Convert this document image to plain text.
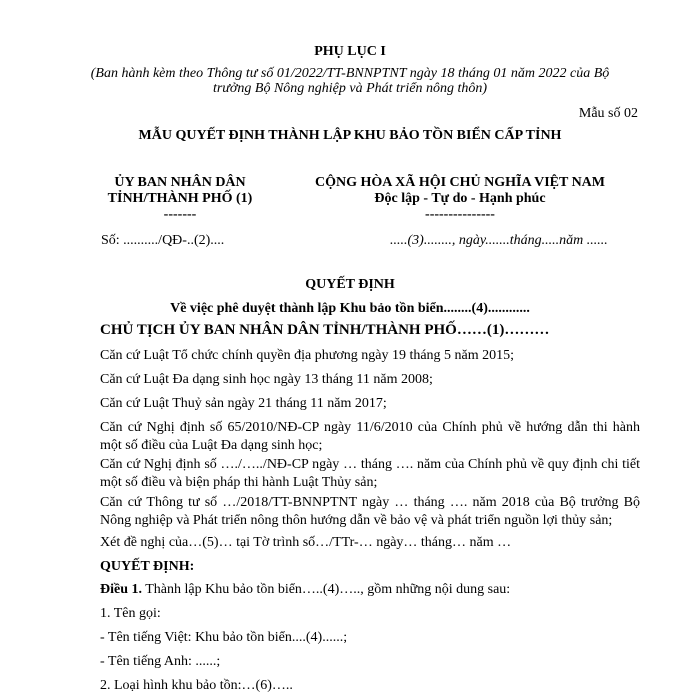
PHỤ LỤC I
(Ban hành kèm theo Thông tư số 01/2022/TT-BNNPTNT ngày 18 tháng 01 năm 2022 của Bộ
trưởng Bộ Nông nghiệp và Phát triển nông thôn)
Mẫu số 02
MẪU QUYẾT ĐỊNH THÀNH LẬP KHU BẢO TỒN BIỂN CẤP TỈNH
ỦY BAN NHÂN DÂN
TỈNH/THÀNH PHỐ (1)
-------
Số: ........../QĐ-..(2)....
CỘNG HÒA XÃ HỘI CHỦ NGHĨA VIỆT NAM
Độc lập - Tự do - Hạnh phúc
---------------
.....(3)........, ngày.......tháng.....năm ......
QUYẾT ĐỊNH
Về việc phê duyệt thành lập Khu bảo tồn biển........(4)............
CHỦ TỊCH ỦY BAN NHÂN DÂN TỈNH/THÀNH PHỐ……(1)………
Căn cứ Luật Tổ chức chính quyền địa phương ngày 19 tháng 5 năm 2015;
Căn cứ Luật Đa dạng sinh học ngày 13 tháng 11 năm 2008;
Căn cứ Luật Thuỷ sản ngày 21 tháng 11 năm 2017;
Căn cứ Nghị định số 65/2010/NĐ-CP ngày 11/6/2010 của Chính phủ về hướng dẫn thi hành một số điều của Luật Đa dạng sinh học;
Căn cứ Nghị định số …./…../NĐ-CP ngày … tháng …. năm của Chính phủ về quy định chi tiết một số điều và biện pháp thi hành Luật Thủy sản;
Căn cứ Thông tư số …/2018/TT-BNNPTNT ngày … tháng …. năm 2018 của Bộ trưởng Bộ Nông nghiệp và Phát triển nông thôn hướng dẫn về bảo vệ và phát triển nguồn lợi thủy sản;
Xét đề nghị của…(5)… tại Tờ trình số…/TTr-… ngày… tháng… năm …
QUYẾT ĐỊNH:
Điều 1. Thành lập Khu bảo tồn biển…..(4)….., gồm những nội dung sau:
1. Tên gọi:
- Tên tiếng Việt: Khu bảo tồn biển....(4)......;
- Tên tiếng Anh: ......;
2. Loại hình khu bảo tồn:…(6)…..
